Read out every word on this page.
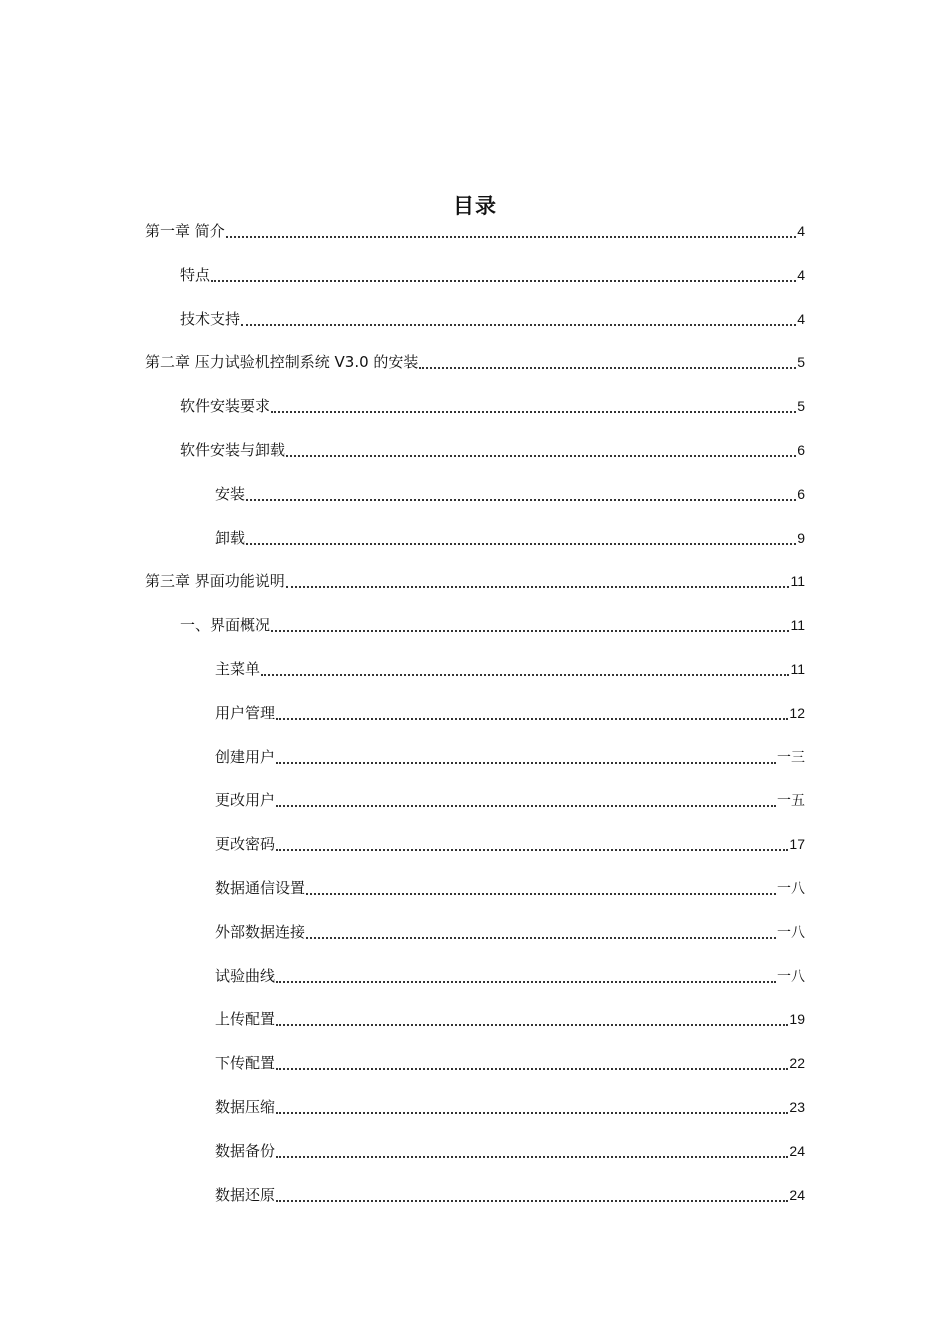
目录
第一章 简介	4
特点	4
技术支持	4
第二章 压力试验机控制系统 V3.0 的安装	5
软件安装要求	5
软件安装与卸载	6
安装	6
卸载	9
第三章 界面功能说明	11
一、界面概况	11
主菜单	11
用户管理	12
创建用户	一三
更改用户	一五
更改密码	17
数据通信设置	一八
外部数据连接	一八
试验曲线	一八
上传配置	19
下传配置	22
数据压缩	23
数据备份	24
数据还原	24
